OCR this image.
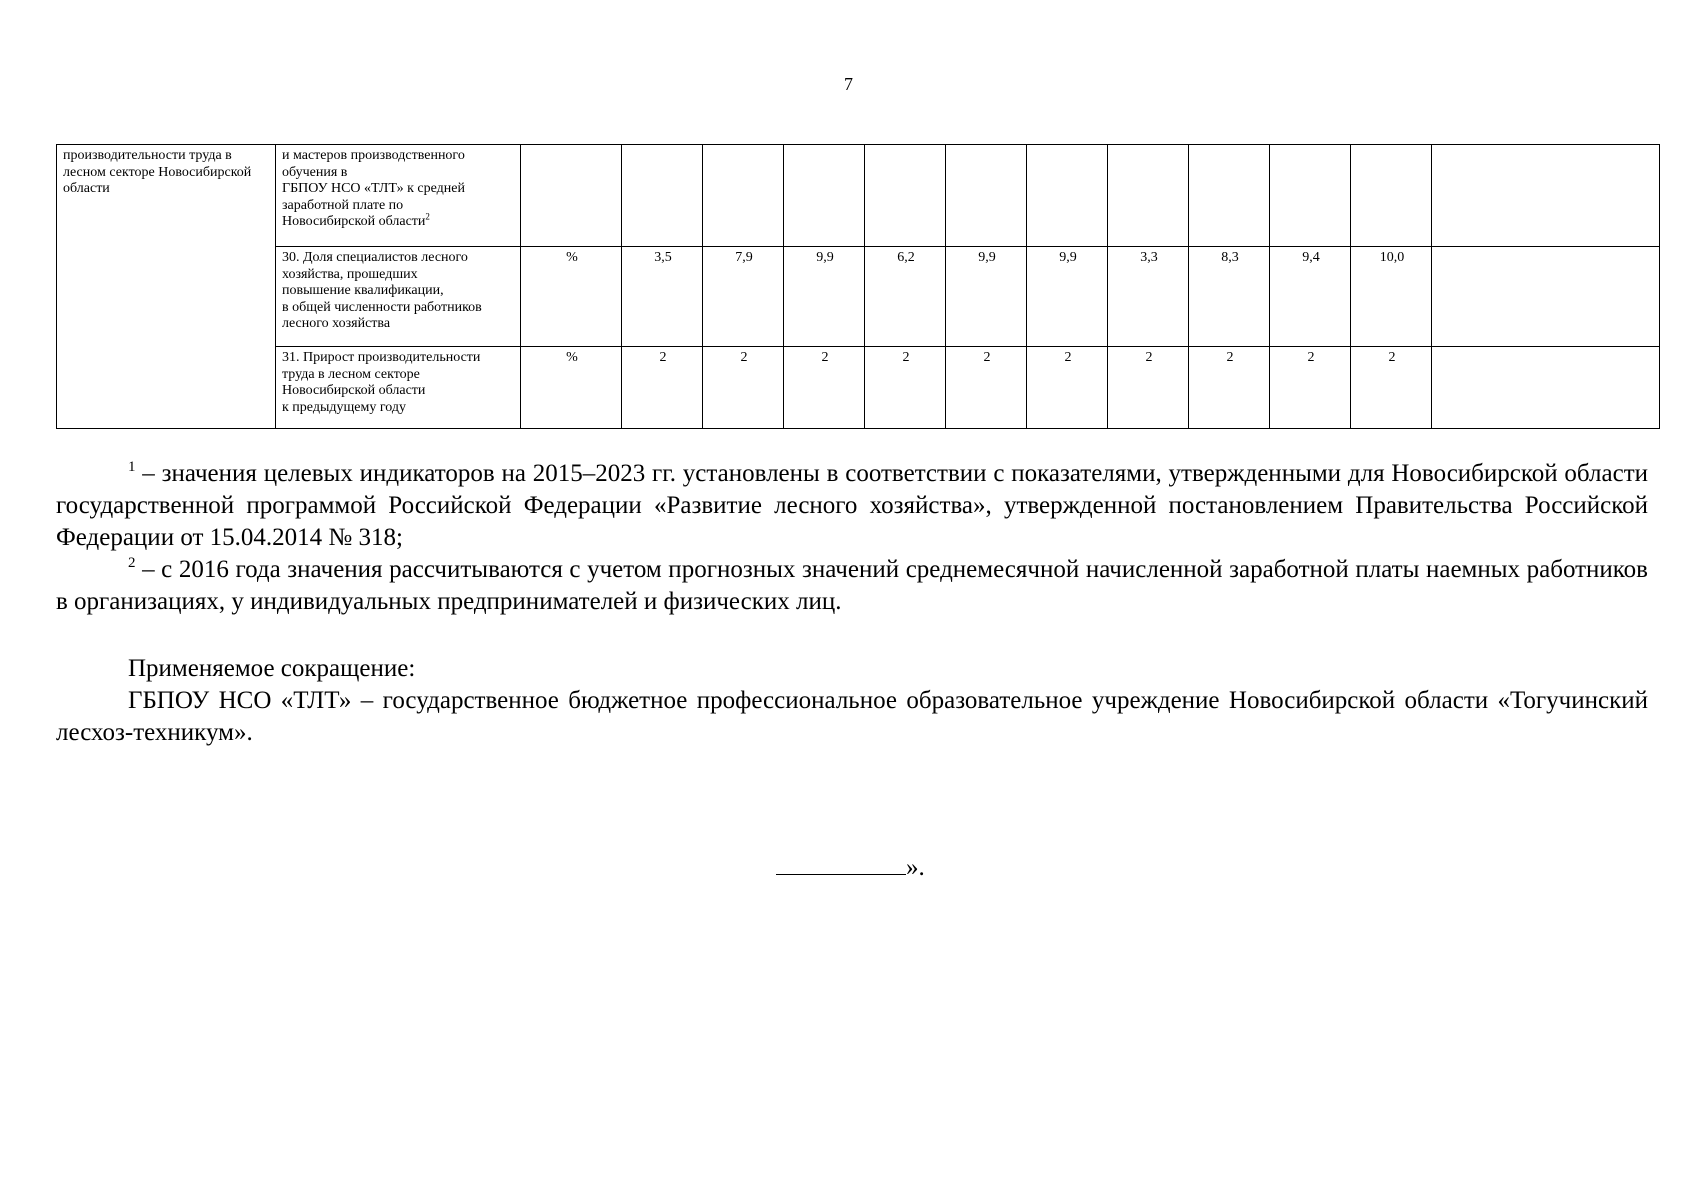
7
производительности труда в лесном секторе Новосибирской области	и мастеров производственного
обучения в
ГБПОУ НСО «ТЛТ» к средней
заработной плате по
Новосибирской области$^2$												
	30. Доля специалистов лесного
хозяйства, прошедших
повышение квалификации,
в общей численности работников
лесного хозяйства	%	3,5	7,9	9,9	6,2	9,9	9,9	3,3	8,3	9,4	10,0	
	31. Прирост производительности
труда в лесном секторе
Новосибирской области
к предыдущему году	%	2	2	2	2	2	2	2	2	2	2	

$^1$ – значения целевых индикаторов на 2015–2023 гг. установлены в соответствии с показателями, утвержденными для Новосибирской области государственной программой Российской Федерации «Развитие лесного хозяйства», утвержденной постановлением Правительства Российской Федерации от 15.04.2014 № 318;

$^2$ – с 2016 года значения рассчитываются с учетом прогнозных значений среднемесячной начисленной заработной платы наемных работников в организациях, у индивидуальных предпринимателей и физических лиц.

Применяемое сокращение:

ГБПОУ НСО «ТЛТ» – государственное бюджетное профессиональное образовательное учреждение Новосибирской области «Тогучинский лесхоз-техникум».

».
